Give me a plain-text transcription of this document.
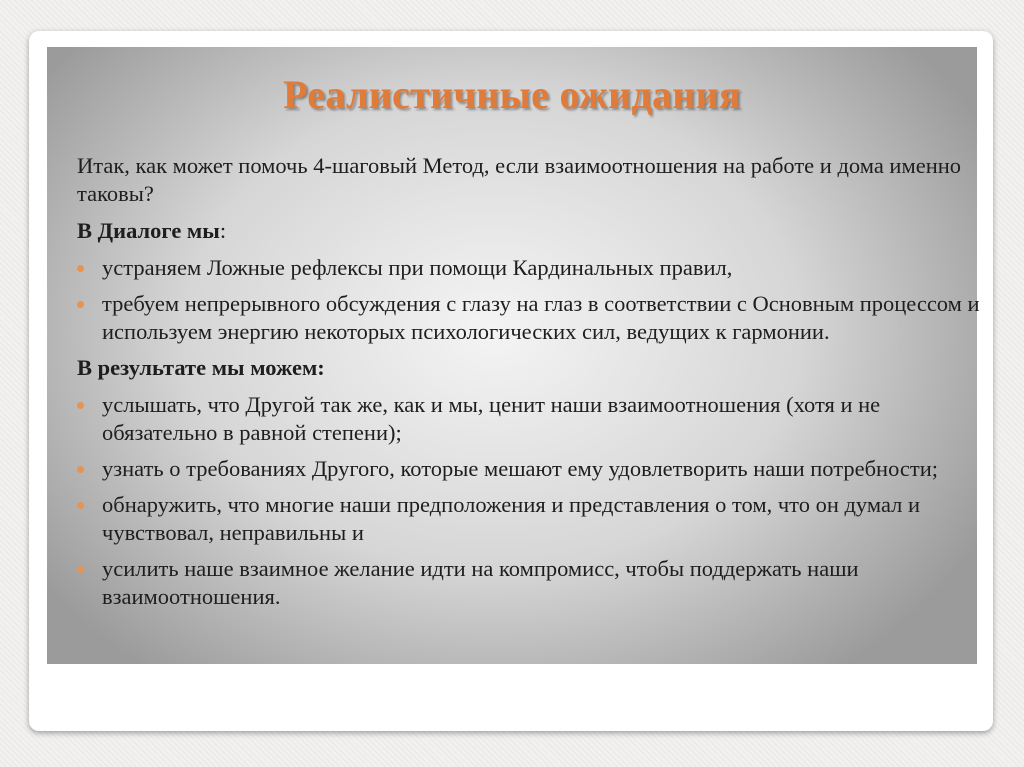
Реалистичные ожидания

Итак, как может помочь 4-шаговый Метод, если взаимоотношения на работе и дома именно таковы?

В Диалоге мы:

устраняем Ложные рефлексы при помощи Кардинальных правил,
требуем непрерывного обсуждения с глазу на глаз в соответствии с Основным процессом и используем энергию некоторых психологических сил, ведущих к гармонии.

В результате мы можем:

услышать, что Другой так же, как и мы, ценит наши взаимоотношения (хотя и не обязательно в равной степени);
узнать о требованиях Другого, которые мешают ему удовлетворить наши потребности;
обнаружить, что многие наши предположения и представления о том, что он думал и чувствовал, неправильны и
усилить наше взаимное желание идти на компромисс, чтобы поддержать наши взаимоотношения.
